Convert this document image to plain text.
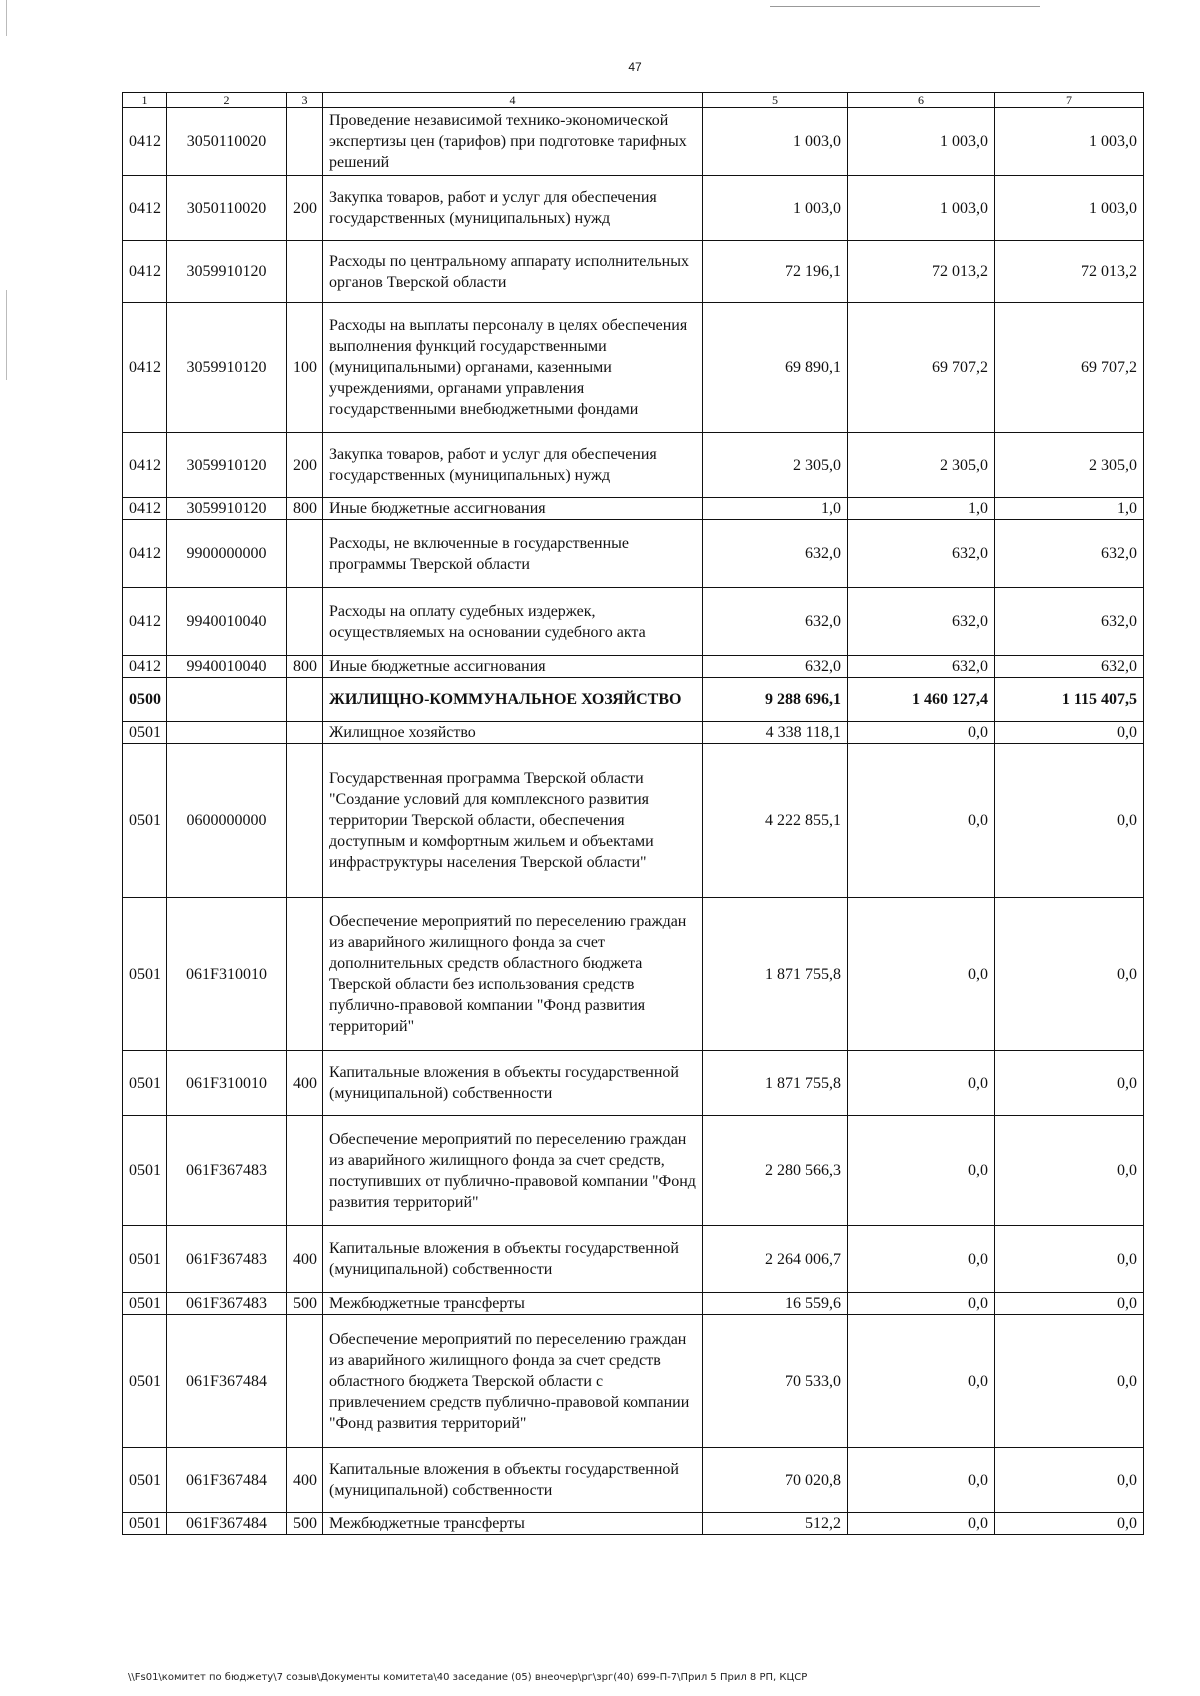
47
1	2	3	4	5	6	7
0412	3050110020		Проведение независимой технико-экономической экспертизы цен (тарифов) при подготовке тарифных решений	1 003,0	1 003,0	1 003,0
0412	3050110020	200	Закупка товаров, работ и услуг для обеспечения государственных (муниципальных) нужд	1 003,0	1 003,0	1 003,0
0412	3059910120		Расходы по центральному аппарату исполнительных органов Тверской области	72 196,1	72 013,2	72 013,2
0412	3059910120	100	Расходы на выплаты персоналу в целях обеспечения выполнения функций государственными (муниципальными) органами, казенными учреждениями, органами управления государственными внебюджетными фондами	69 890,1	69 707,2	69 707,2
0412	3059910120	200	Закупка товаров, работ и услуг для обеспечения государственных (муниципальных) нужд	2 305,0	2 305,0	2 305,0
0412	3059910120	800	Иные бюджетные ассигнования	1,0	1,0	1,0
0412	9900000000		Расходы, не включенные в государственные программы Тверской области	632,0	632,0	632,0
0412	9940010040		Расходы на оплату судебных издержек, осуществляемых на основании судебного акта	632,0	632,0	632,0
0412	9940010040	800	Иные бюджетные ассигнования	632,0	632,0	632,0
0500			ЖИЛИЩНО-КОММУНАЛЬНОЕ ХОЗЯЙСТВО	9 288 696,1	1 460 127,4	1 115 407,5
0501			Жилищное хозяйство	4 338 118,1	0,0	0,0
0501	0600000000		Государственная программа Тверской области "Создание условий для комплексного развития территории Тверской области, обеспечения доступным и комфортным жильем и объектами инфраструктуры населения Тверской области"	4 222 855,1	0,0	0,0
0501	061F310010		Обеспечение мероприятий по переселению граждан из аварийного жилищного фонда за счет дополнительных средств областного бюджета Тверской области без использования средств публично-правовой компании "Фонд развития территорий"	1 871 755,8	0,0	0,0
0501	061F310010	400	Капитальные вложения в объекты государственной (муниципальной) собственности	1 871 755,8	0,0	0,0
0501	061F367483		Обеспечение мероприятий по переселению граждан из аварийного жилищного фонда за счет средств, поступивших от публично-правовой компании "Фонд развития территорий"	2 280 566,3	0,0	0,0
0501	061F367483	400	Капитальные вложения в объекты государственной (муниципальной) собственности	2 264 006,7	0,0	0,0
0501	061F367483	500	Межбюджетные трансферты	16 559,6	0,0	0,0
0501	061F367484		Обеспечение мероприятий по переселению граждан из аварийного жилищного фонда за счет средств областного бюджета Тверской области с привлечением средств публично-правовой компании "Фонд развития территорий"	70 533,0	0,0	0,0
0501	061F367484	400	Капитальные вложения в объекты государственной (муниципальной) собственности	70 020,8	0,0	0,0
0501	061F367484	500	Межбюджетные трансферты	512,2	0,0	0,0
\\Fs01\комитет по бюджету\7 созыв\Документы комитета\40 заседание (05) внеочер\рг\зрг(40) 699-П-7\Прил 5 Прил 8 РП, КЦСР
